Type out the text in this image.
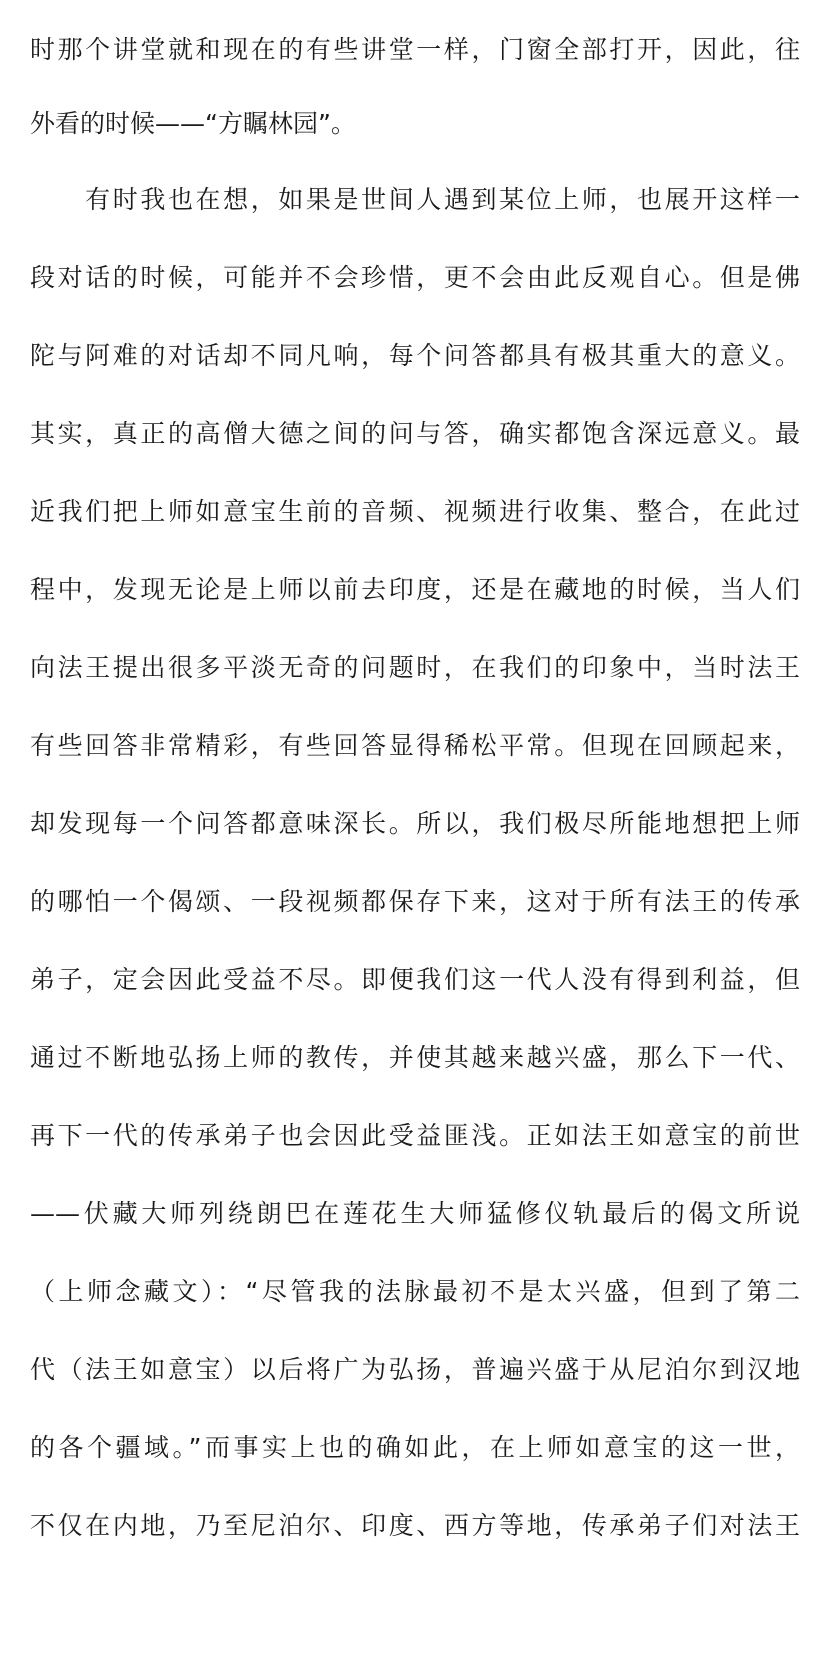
时那个讲堂就和现在的有些讲堂一样，门窗全部打开，因此，往
外看的时候——“方瞩林园”。
　　有时我也在想，如果是世间人遇到某位上师，也展开这样一
段对话的时候，可能并不会珍惜，更不会由此反观自心。但是佛
陀与阿难的对话却不同凡响，每个问答都具有极其重大的意义。
其实，真正的高僧大德之间的问与答，确实都饱含深远意义。最
近我们把上师如意宝生前的音频、视频进行收集、整合，在此过
程中，发现无论是上师以前去印度，还是在藏地的时候，当人们
向法王提出很多平淡无奇的问题时，在我们的印象中，当时法王
有些回答非常精彩，有些回答显得稀松平常。但现在回顾起来，
却发现每一个问答都意味深长。所以，我们极尽所能地想把上师
的哪怕一个偈颂、一段视频都保存下来，这对于所有法王的传承
弟子，定会因此受益不尽。即便我们这一代人没有得到利益，但
通过不断地弘扬上师的教传，并使其越来越兴盛，那么下一代、
再下一代的传承弟子也会因此受益匪浅。正如法王如意宝的前世
——伏藏大师列绕朗巴在莲花生大师猛修仪轨最后的偈文所说
（上师念藏文）：“尽管我的法脉最初不是太兴盛，但到了第二
代（法王如意宝）以后将广为弘扬，普遍兴盛于从尼泊尔到汉地
的各个疆域。”而事实上也的确如此，在上师如意宝的这一世，
不仅在内地，乃至尼泊尔、印度、西方等地，传承弟子们对法王
